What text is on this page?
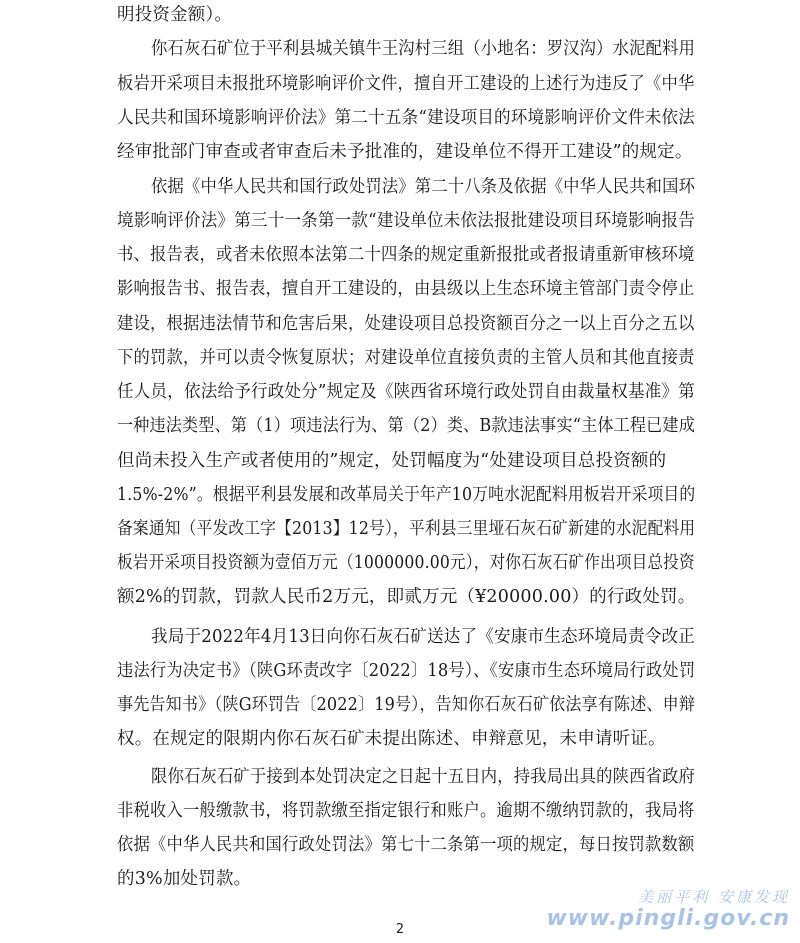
明投资金额）。
你石灰石矿位于平利县城关镇牛王沟村三组（小地名：罗汉沟）水泥配料用
板岩开采项目未报批环境影响评价文件，擅自开工建设的上述行为违反了《中华
人民共和国环境影响评价法》第二十五条“建设项目的环境影响评价文件未依法
经审批部门审查或者审查后未予批准的，建设单位不得开工建设”的规定。
依据《中华人民共和国行政处罚法》第二十八条及依据《中华人民共和国环
境影响评价法》第三十一条第一款“建设单位未依法报批建设项目环境影响报告
书、报告表，或者未依照本法第二十四条的规定重新报批或者报请重新审核环境
影响报告书、报告表，擅自开工建设的，由县级以上生态环境主管部门责令停止
建设，根据违法情节和危害后果，处建设项目总投资额百分之一以上百分之五以
下的罚款，并可以责令恢复原状；对建设单位直接负责的主管人员和其他直接责
任人员，依法给予行政处分”规定及《陕西省环境行政处罚自由裁量权基准》第
一种违法类型、第（1）项违法行为、第（2）类、B款违法事实“主体工程已建成
但尚未投入生产或者使用的”规定，处罚幅度为“处建设项目总投资额的
1.5%-2%”。根据平利县发展和改革局关于年产10万吨水泥配料用板岩开采项目的
备案通知（平发改工字【2013】12号），平利县三里垭石灰石矿新建的水泥配料用
板岩开采项目投资额为壹佰万元（1000000.00元），对你石灰石矿作出项目总投资
额2%的罚款，罚款人民币2万元，即贰万元（¥20000.00）的行政处罚。
我局于2022年4月13日向你石灰石矿送达了《安康市生态环境局责令改正
违法行为决定书》（陕G环责改字〔2022〕18号）、《安康市生态环境局行政处罚
事先告知书》（陕G环罚告〔2022〕19号），告知你石灰石矿依法享有陈述、申辩
权。在规定的限期内你石灰石矿未提出陈述、申辩意见，未申请听证。
限你石灰石矿于接到本处罚决定之日起十五日内，持我局出具的陕西省政府
非税收入一般缴款书，将罚款缴至指定银行和账户。逾期不缴纳罚款的，我局将
依据《中华人民共和国行政处罚法》第七十二条第一项的规定，每日按罚款数额
的3%加处罚款。
美丽平利 安康发现
www.pingli.gov.cn
2
